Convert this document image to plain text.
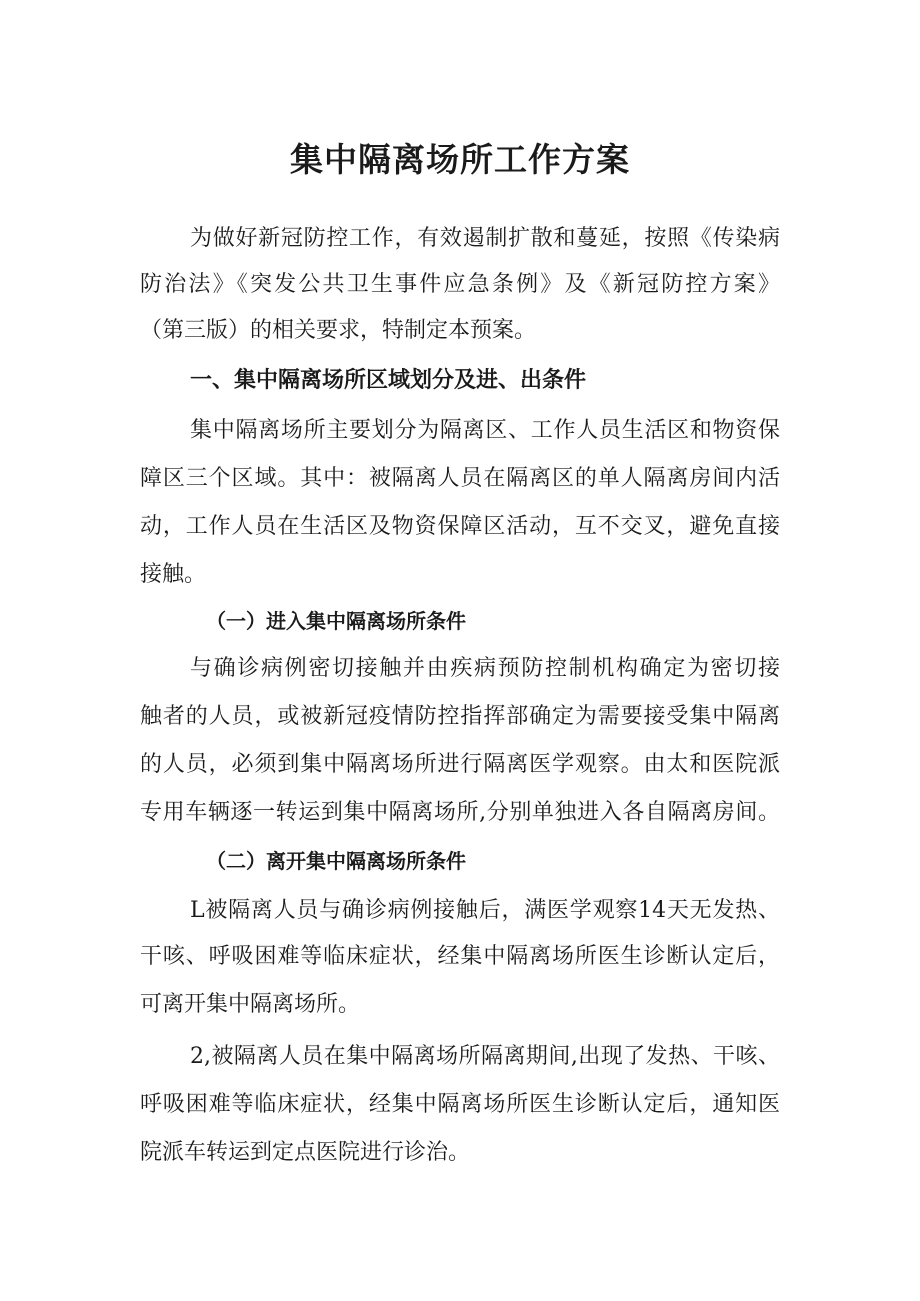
集中隔离场所工作方案

为做好新冠防控工作，有效遏制扩散和蔓延，按照《传染病

防治法》《突发公共卫生事件应急条例》及《新冠防控方案》

（第三版）的相关要求，特制定本预案。

一、集中隔离场所区域划分及进、出条件

集中隔离场所主要划分为隔离区、工作人员生活区和物资保

障区三个区域。其中：被隔离人员在隔离区的单人隔离房间内活

动，工作人员在生活区及物资保障区活动，互不交叉，避免直接

接触。

（一）进入集中隔离场所条件

与确诊病例密切接触并由疾病预防控制机构确定为密切接

触者的人员，或被新冠疫情防控指挥部确定为需要接受集中隔离

的人员，必须到集中隔离场所进行隔离医学观察。由太和医院派

专用车辆逐一转运到集中隔离场所,分别单独进入各自隔离房间。

（二）离开集中隔离场所条件

L被隔离人员与确诊病例接触后，满医学观察14天无发热、

干咳、呼吸困难等临床症状，经集中隔离场所医生诊断认定后，

可离开集中隔离场所。

2,被隔离人员在集中隔离场所隔离期间,出现了发热、干咳、

呼吸困难等临床症状，经集中隔离场所医生诊断认定后，通知医

院派车转运到定点医院进行诊治。
